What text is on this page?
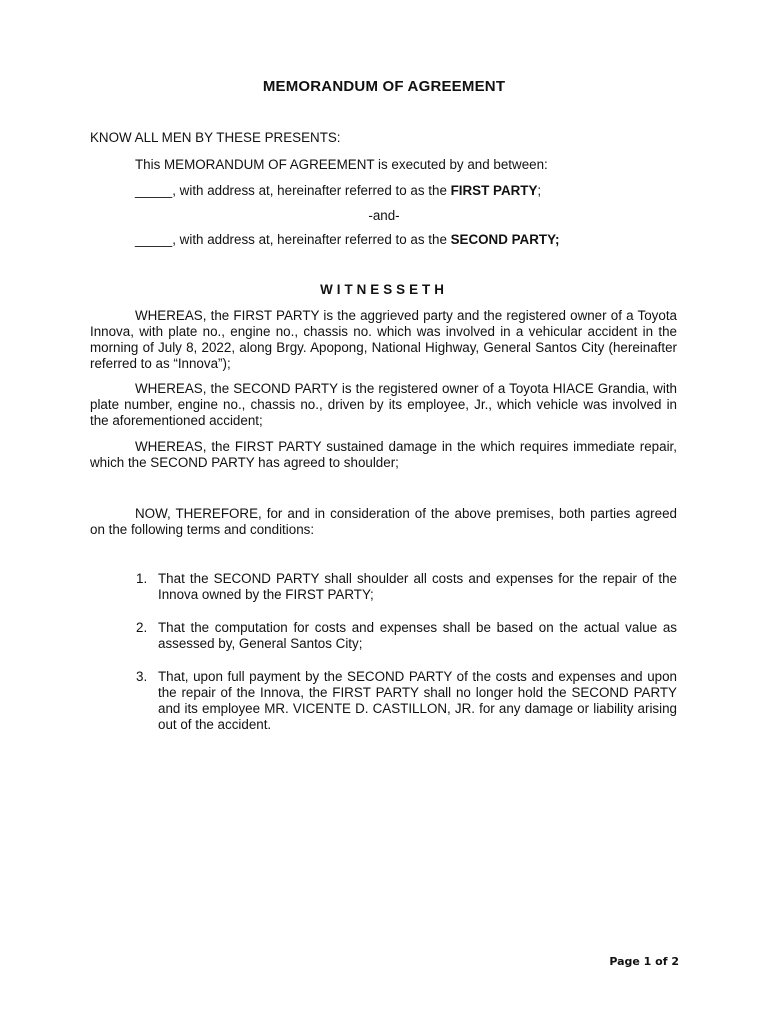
MEMORANDUM OF AGREEMENT

KNOW ALL MEN BY THESE PRESENTS:

This MEMORANDUM OF AGREEMENT is executed by and between:

_____, with address at, hereinafter referred to as the FIRST PARTY;

-and-

_____, with address at, hereinafter referred to as the SECOND PARTY;

WITNESSETH

WHEREAS, the FIRST PARTY is the aggrieved party and the registered owner of a Toyota Innova, with plate no., engine no., chassis no. which was involved in a vehicular accident in the morning of July 8, 2022, along Brgy. Apopong, National Highway, General Santos City (hereinafter referred to as “Innova”);

WHEREAS, the SECOND PARTY is the registered owner of a Toyota HIACE Grandia, with plate number, engine no., chassis no., driven by its employee, Jr., which vehicle was involved in the aforementioned accident;

WHEREAS, the FIRST PARTY sustained damage in the which requires immediate repair, which the SECOND PARTY has agreed to shoulder;

NOW, THEREFORE, for and in consideration of the above premises, both parties agreed on the following terms and conditions:

1. That the SECOND PARTY shall shoulder all costs and expenses for the repair of the Innova owned by the FIRST PARTY;
2. That the computation for costs and expenses shall be based on the actual value as assessed by, General Santos City;
3. That, upon full payment by the SECOND PARTY of the costs and expenses and upon the repair of the Innova, the FIRST PARTY shall no longer hold the SECOND PARTY and its employee MR. VICENTE D. CASTILLON, JR. for any damage or liability arising out of the accident.
Page 1 of 2
